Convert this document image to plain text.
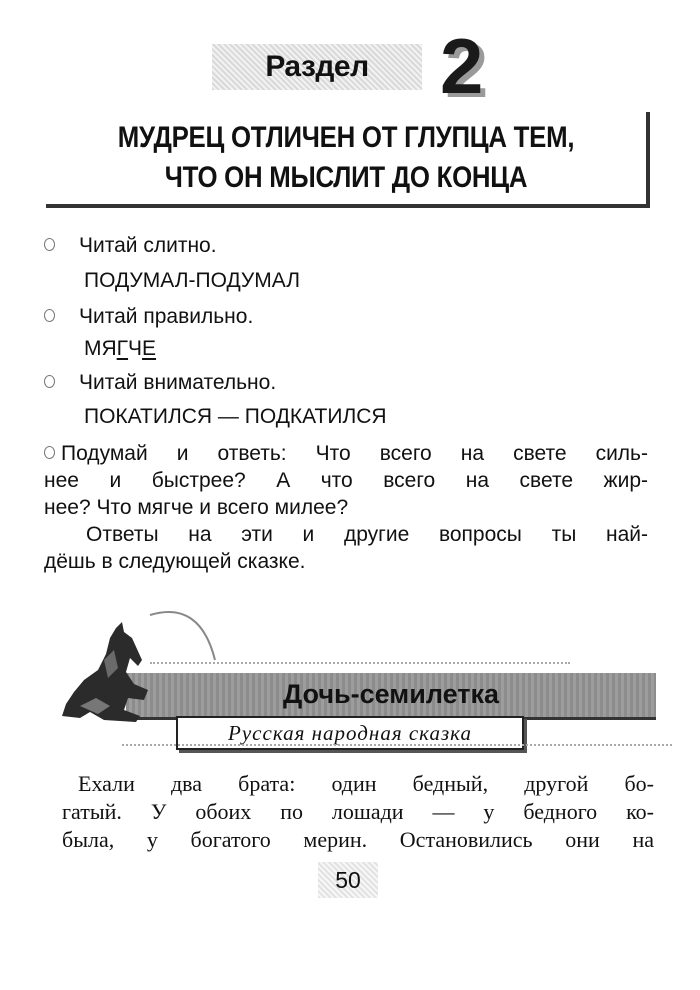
Раздел 2
МУДРЕЦ ОТЛИЧЕН ОТ ГЛУПЦА ТЕМ,
ЧТО ОН МЫСЛИТ ДО КОНЦА
Читай слитно.
ПОДУМАЛ-ПОДУМАЛ
Читай правильно.
МЯГЧЕ
Читай внимательно.
ПОКАТИЛСЯ — ПОДКАТИЛСЯ
Подумай и ответь: Что всего на свете силь-
нее и быстрее? А что всего на свете жир-
нее? Что мягче и всего милее?
Ответы на эти и другие вопросы ты най-
дёшь в следующей сказке.
Дочь-семилетка
Русская народная сказка
Ехали два брата: один бедный, другой бо-
гатый. У обоих по лошади — у бедного ко-
была, у богатого мерин. Остановились они на
50
